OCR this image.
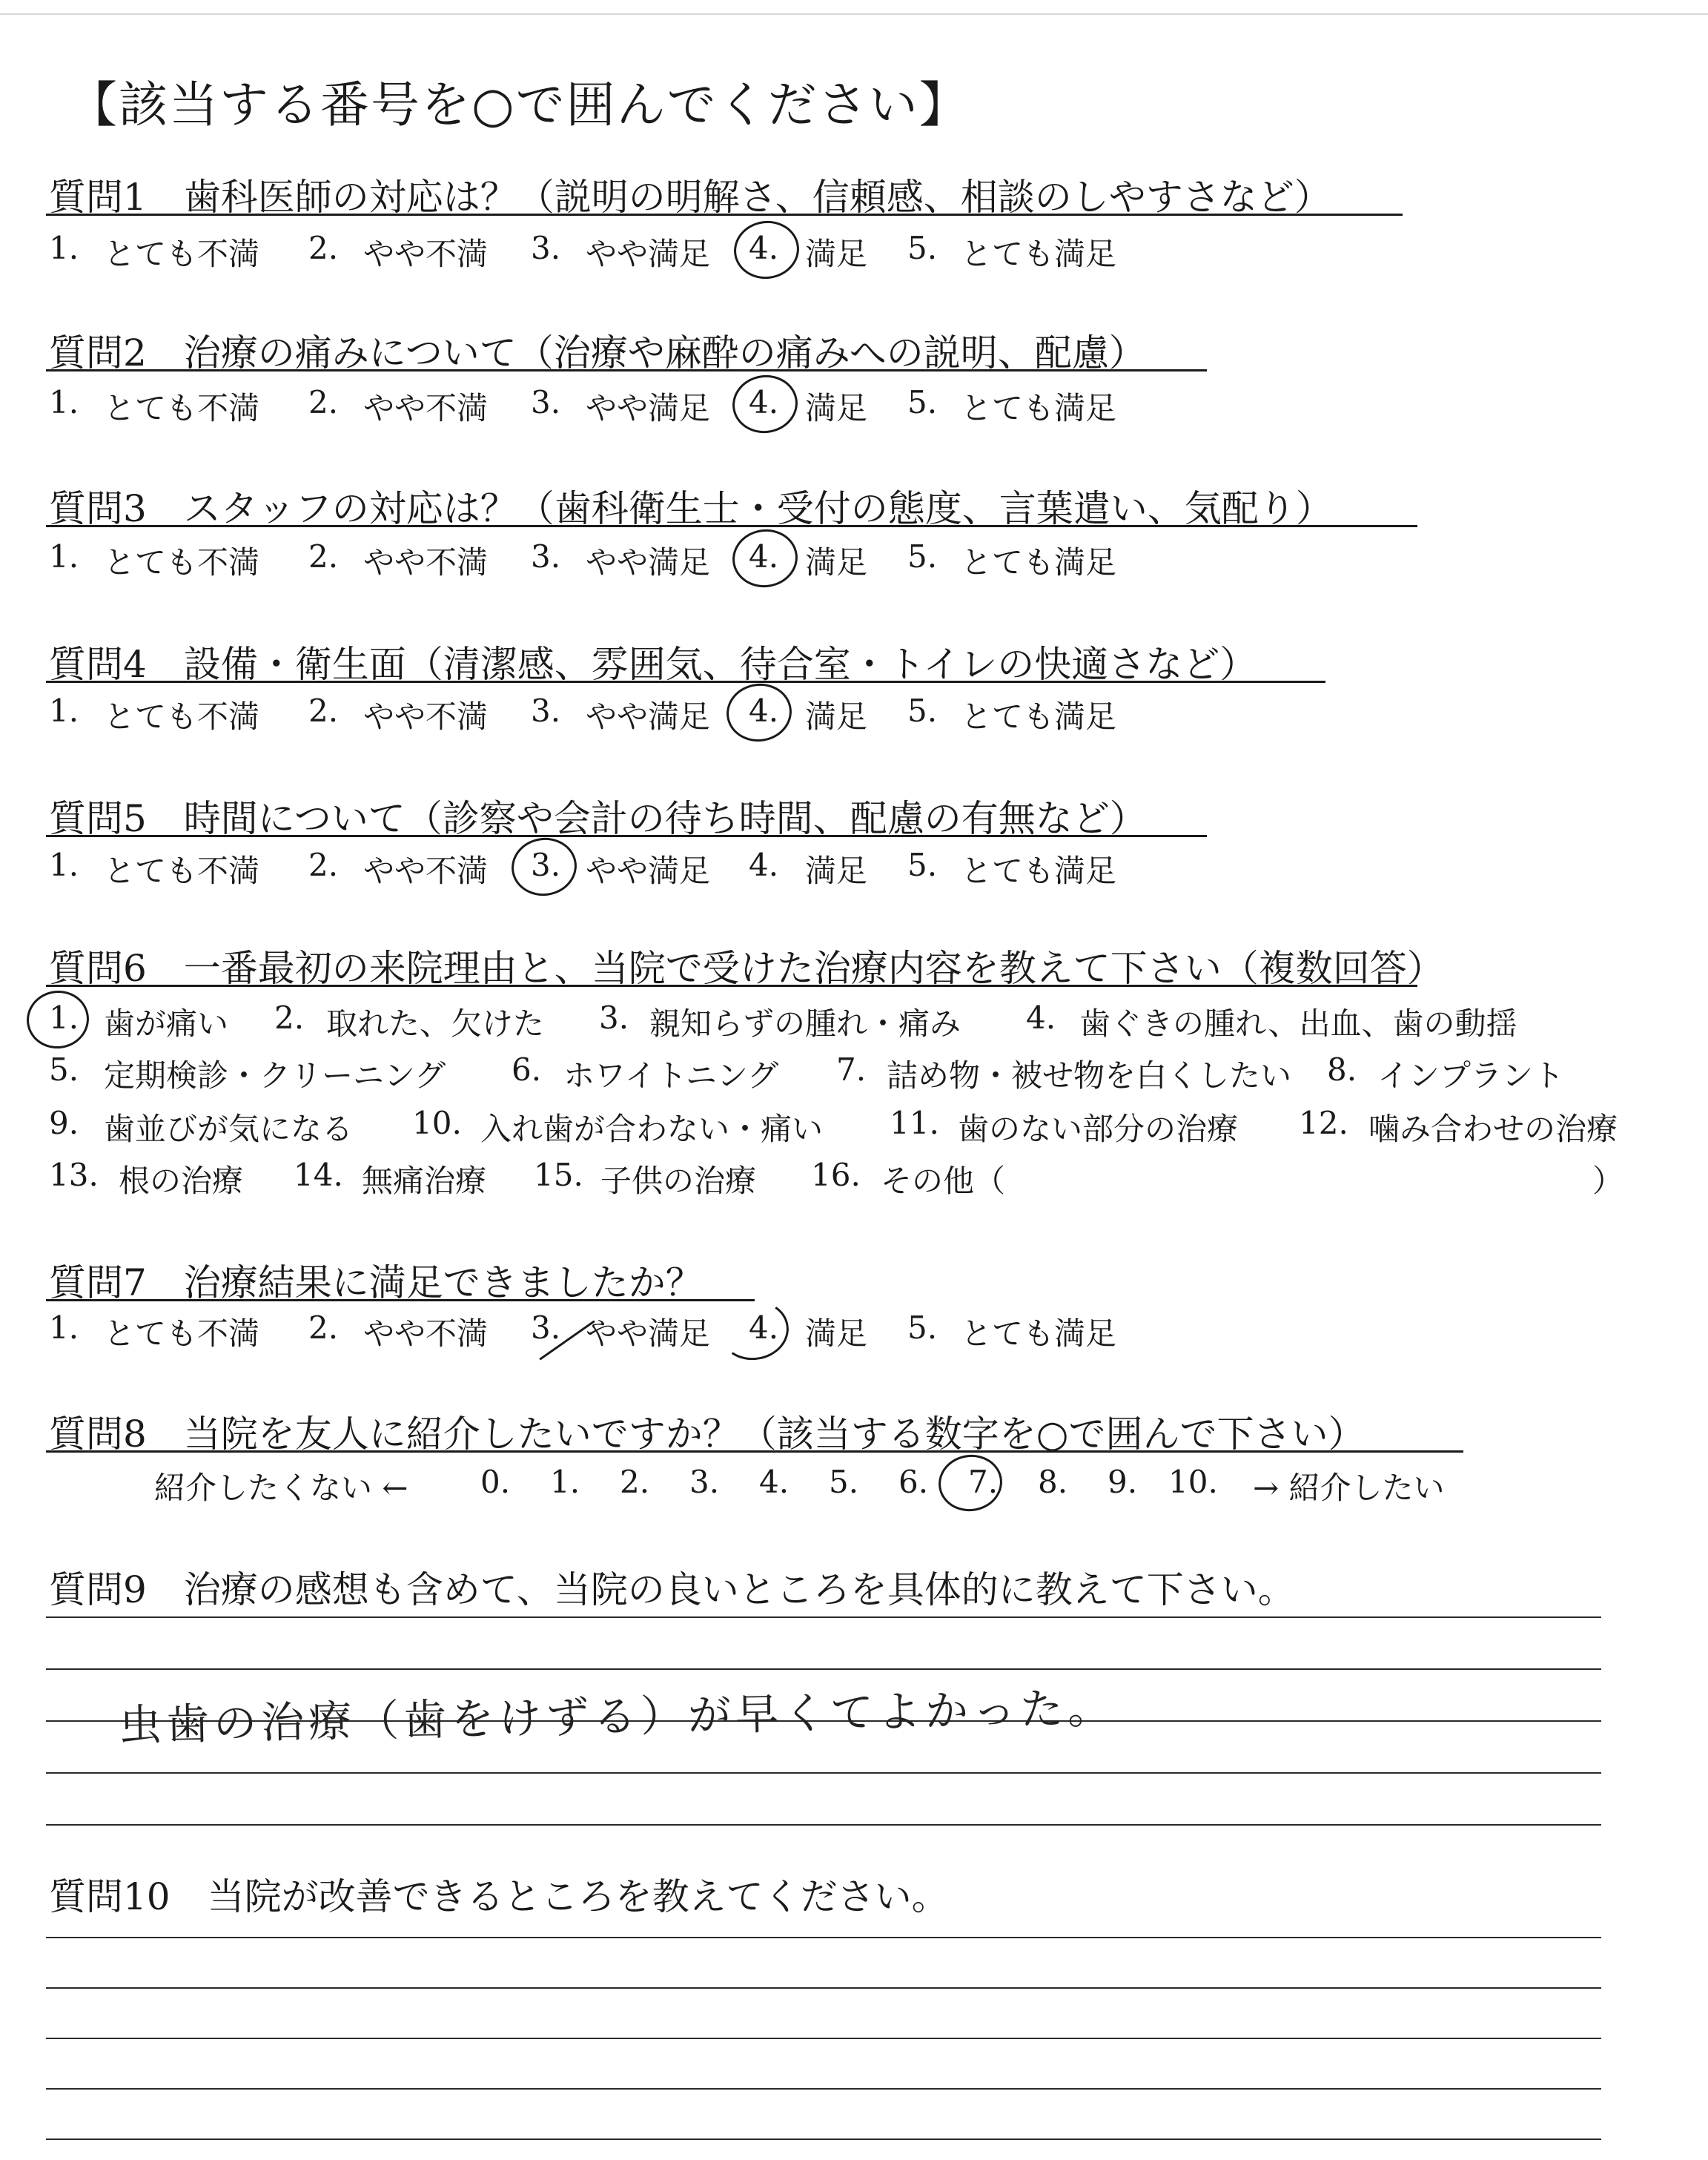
【該当する番号を○で囲んでください】
質問1　歯科医師の対応は？（説明の明解さ、信頼感、相談のしやすさなど）
1. とても不満 2. やや不満 3. やや満足 4. 満足 5. とても満足
質問2　治療の痛みについて（治療や麻酔の痛みへの説明、配慮）
1. とても不満 2. やや不満 3. やや満足 4. 満足 5. とても満足
質問3　スタッフの対応は？（歯科衛生士・受付の態度、言葉遣い、気配り）
1. とても不満 2. やや不満 3. やや満足 4. 満足 5. とても満足
質問4　設備・衛生面（清潔感、雰囲気、待合室・トイレの快適さなど）
1. とても不満 2. やや不満 3. やや満足 4. 満足 5. とても満足
質問5　時間について（診察や会計の待ち時間、配慮の有無など）
1. とても不満 2. やや不満 3. やや満足 4. 満足 5. とても満足
質問6　一番最初の来院理由と、当院で受けた治療内容を教えて下さい（複数回答）
1. 歯が痛い 2. 取れた、欠けた 3. 親知らずの腫れ・痛み 4. 歯ぐきの腫れ、出血、歯の動揺
5. 定期検診・クリーニング 6. ホワイトニング 7. 詰め物・被せ物を白くしたい 8. インプラント
9. 歯並びが気になる 10. 入れ歯が合わない・痛い 11. 歯のない部分の治療 12. 噛み合わせの治療
13. 根の治療 14. 無痛治療 15. 子供の治療 16. その他（	）
質問7　治療結果に満足できましたか？
1. とても不満 2. やや不満 3. やや満足 4. 満足 5. とても満足
質問8　当院を友人に紹介したいですか？（該当する数字を○で囲んで下さい）
紹介したくない ← 0. 1. 2. 3. 4. 5. 6. 7. 8. 9. 10. → 紹介したい
質問9　治療の感想も含めて、当院の良いところを具体的に教えて下さい。
虫歯の治療（歯をけずる）が早くてよかった。
質問10　当院が改善できるところを教えてください。
